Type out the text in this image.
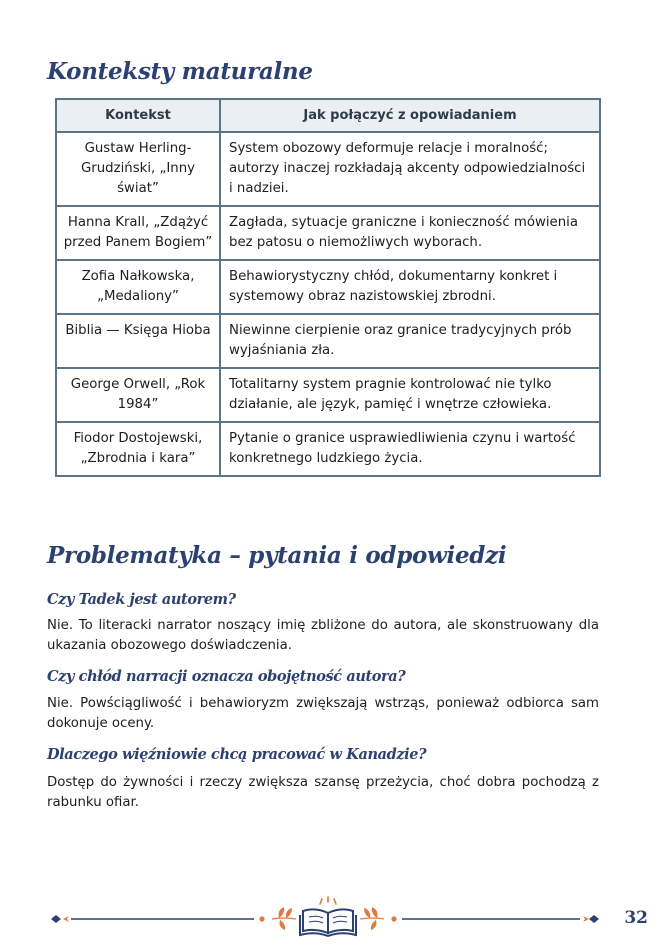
Konteksty maturalne
Kontekst	Jak połączyć z opowiadaniem
Gustaw Herling-Grudziński, „Inny świat”	System obozowy deformuje relacje i moralność; autorzy inaczej rozkładają akcenty odpowiedzialności i nadziei.
Hanna Krall, „Zdążyć przed Panem Bogiem”	Zagłada, sytuacje graniczne i konieczność mówienia bez patosu o niemożliwych wyborach.
Zofia Nałkowska, „Medaliony”	Behawiorystyczny chłód, dokumentarny konkret i systemowy obraz nazistowskiej zbrodni.
Biblia — Księga Hioba	Niewinne cierpienie oraz granice tradycyjnych prób wyjaśniania zła.
George Orwell, „Rok 1984”	Totalitarny system pragnie kontrolować nie tylko działanie, ale język, pamięć i wnętrze człowieka.
Fiodor Dostojewski, „Zbrodnia i kara”	Pytanie o granice usprawiedliwienia czynu i wartość konkretnego ludzkiego życia.
Problematyka – pytania i odpowiedzi
Czy Tadek jest autorem?

Nie. To literacki narrator noszący imię zbliżone do autora, ale skonstruowany dla ukazania obozowego doświadczenia.

Czy chłód narracji oznacza obojętność autora?

Nie. Powściągliwość i behawioryzm zwiększają wstrząs, ponieważ odbiorca sam dokonuje oceny.

Dlaczego więźniowie chcą pracować w Kanadzie?

Dostęp do żywności i rzeczy zwiększa szansę przeżycia, choć dobra pochodzą z rabunku ofiar.

32
